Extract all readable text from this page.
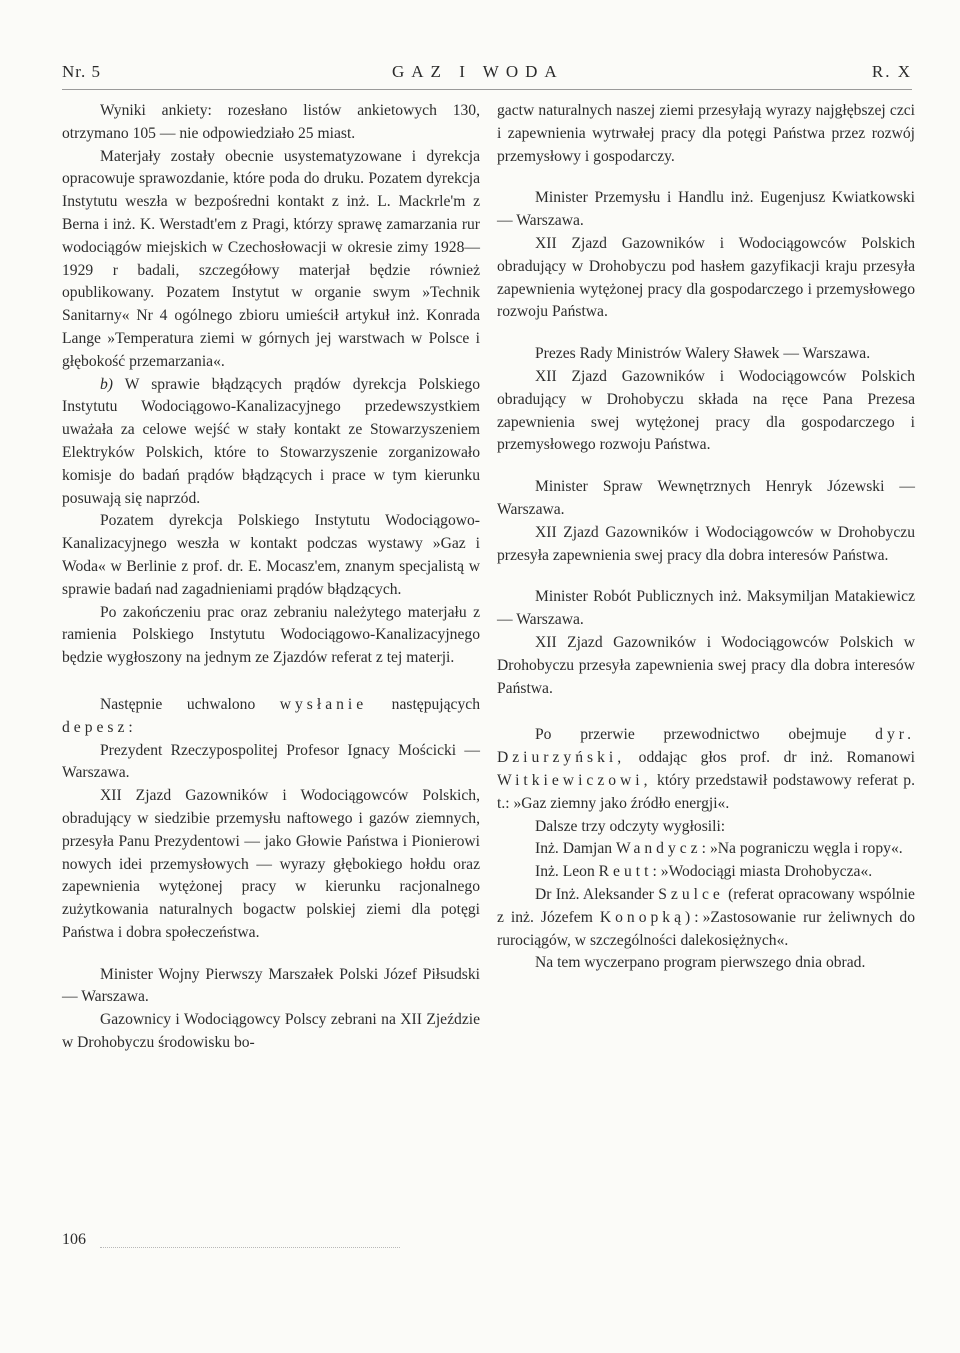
Nr. 5	GAZ I WODA	R. X

Wyniki ankiety: rozesłano listów ankietowych 130, otrzymano 105 — nie odpowiedziało 25 miast.

Materjały zostały obecnie usystematyzowane i dyrekcja opracowuje sprawozdanie, które poda do druku. Pozatem dyrekcja Instytutu weszła w bezpośredni kontakt z inż. L. Mackrle'm z Berna i inż. K. Werstadt'em z Pragi, którzy sprawę zamarzania rur wodociągów miejskich w Czechosłowacji w okresie zimy 1928—1929 r badali, szczegółowy materjał będzie również opublikowany. Pozatem Instytut w organie swym »Technik Sanitarny« Nr 4 ogólnego zbioru umieścił artykuł inż. Konrada Lange »Temperatura ziemi w górnych jej warstwach w Polsce i głębokość przemarzania«.

b) W sprawie błądzących prądów dyrekcja Polskiego Instytutu Wodociągowo-Kanalizacyjnego przedewszystkiem uważała za celowe wejść w stały kontakt ze Stowarzyszeniem Elektryków Polskich, które to Stowarzyszenie zorganizowało komisje do badań prądów błądzących i prace w tym kierunku posuwają się naprzód.

Pozatem dyrekcja Polskiego Instytutu Wodociągowo-Kanalizacyjnego weszła w kontakt podczas wystawy »Gaz i Woda« w Berlinie z prof. dr. E. Mocasz'em, znanym specjalistą w sprawie badań nad zagadnieniami prądów błądzących.

Po zakończeniu prac oraz zebraniu należytego materjału z ramienia Polskiego Instytutu Wodociągowo-Kanalizacyjnego będzie wygłoszony na jednym ze Zjazdów referat z tej materji.

Następnie uchwalono wysłanie następujących depesz:

Prezydent Rzeczypospolitej Profesor Ignacy Mościcki — Warszawa.

XII Zjazd Gazowników i Wodociągowców Polskich, obradujący w siedzibie przemysłu naftowego i gazów ziemnych, przesyła Panu Prezydentowi — jako Głowie Państwa i Pionierowi nowych idei przemysłowych — wyrazy głębokiego hołdu oraz zapewnienia wytężonej pracy w kierunku racjonalnego zużytkowania naturalnych bogactw polskiej ziemi dla potęgi Państwa i dobra społeczeństwa.

Minister Wojny Pierwszy Marszałek Polski Józef Piłsudski — Warszawa.

Gazownicy i Wodociągowcy Polscy zebrani na XII Zjeździe w Drohobyczu środowisku bo-

gactw naturalnych naszej ziemi przesyłają wyrazy najgłębszej czci i zapewnienia wytrwałej pracy dla potęgi Państwa przez rozwój przemysłowy i gospodarczy.

Minister Przemysłu i Handlu inż. Eugenjusz Kwiatkowski — Warszawa.

XII Zjazd Gazowników i Wodociągowców Polskich obradujący w Drohobyczu pod hasłem gazyfikacji kraju przesyła zapewnienia wytężonej pracy dla gospodarczego i przemysłowego rozwoju Państwa.

Prezes Rady Ministrów Walery Sławek — Warszawa.

XII Zjazd Gazowników i Wodociągowców Polskich obradujący w Drohobyczu składa na ręce Pana Prezesa zapewnienia swej wytężonej pracy dla gospodarczego i przemysłowego rozwoju Państwa.

Minister Spraw Wewnętrznych Henryk Józewski — Warszawa.

XII Zjazd Gazowników i Wodociągowców w Drohobyczu przesyła zapewnienia swej pracy dla dobra interesów Państwa.

Minister Robót Publicznych inż. Maksymiljan Matakiewicz — Warszawa.

XII Zjazd Gazowników i Wodociągowców Polskich w Drohobyczu przesyła zapewnienia swej pracy dla dobra interesów Państwa.

Po przerwie przewodnictwo obejmuje dyr. Dziurzyński, oddając głos prof. dr inż. Romanowi Witkiewiczowi, który przedstawił podstawowy referat p. t.: »Gaz ziemny jako źródło energji«.

Dalsze trzy odczyty wygłosili:

Inż. Damjan Wandycz:»Na pograniczu węgla i ropy«.

Inż. Leon Reutt:»Wodociągi miasta Drohobycza«.

Dr Inż. Aleksander Szulce (referat opracowany wspólnie z inż. Józefem Konopką):»Zastosowanie rur żeliwnych do rurociągów, w szczególności dalekosiężnych«.

Na tem wyczerpano program pierwszego dnia obrad.

106
